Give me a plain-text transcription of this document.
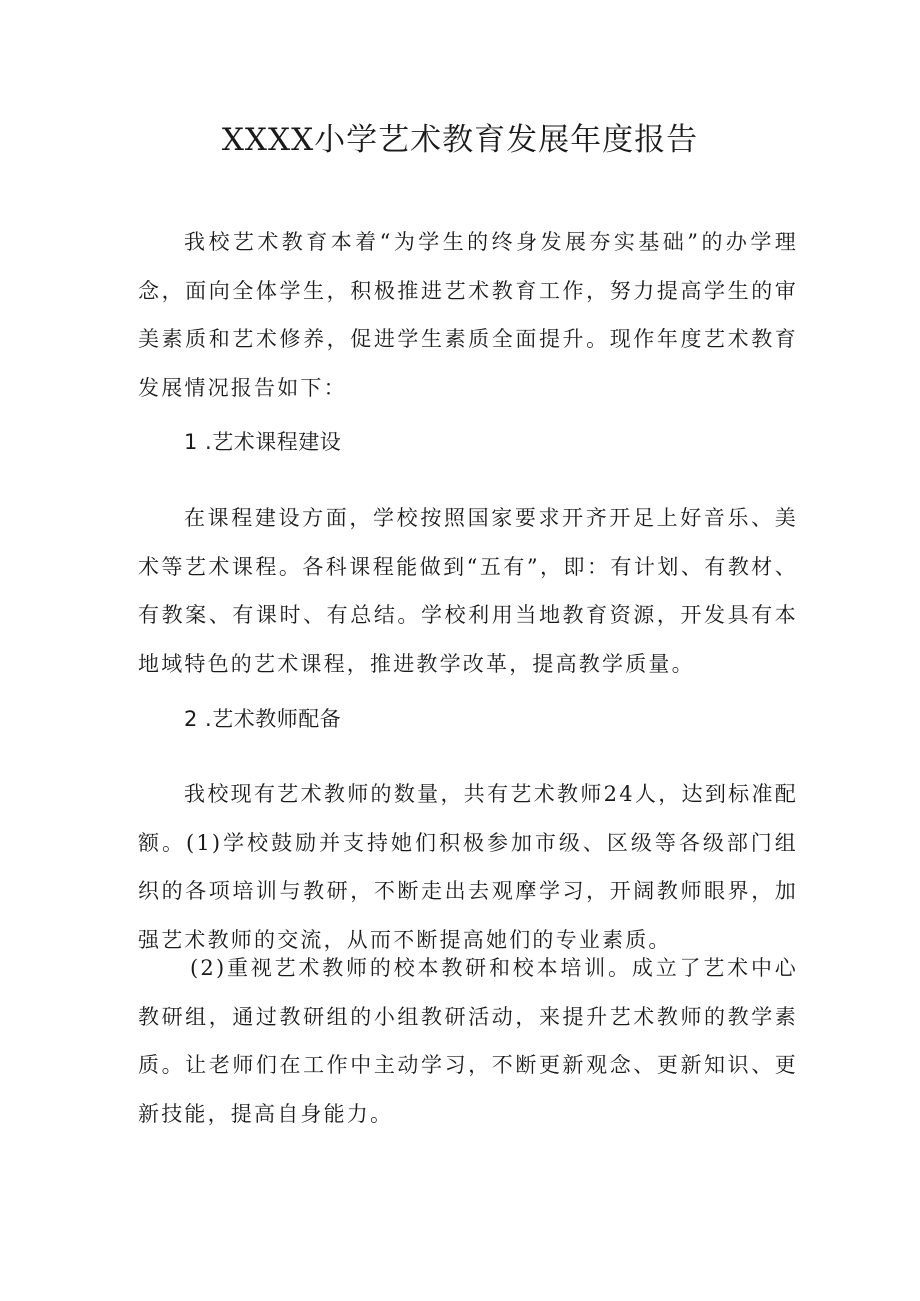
XXXX小学艺术教育发展年度报告

我校艺术教育本着“为学生的终身发展夯实基础”的办学理念，面向全体学生，积极推进艺术教育工作，努力提高学生的审美素质和艺术修养，促进学生素质全面提升。现作年度艺术教育发展情况报告如下：

1 .艺术课程建设

在课程建设方面，学校按照国家要求开齐开足上好音乐、美术等艺术课程。各科课程能做到“五有”，即：有计划、有教材、有教案、有课时、有总结。学校利用当地教育资源，开发具有本地域特色的艺术课程，推进教学改革，提高教学质量。

2 .艺术教师配备

我校现有艺术教师的数量，共有艺术教师24人，达到标准配额。(1)学校鼓励并支持她们积极参加市级、区级等各级部门组织的各项培训与教研，不断走出去观摩学习，开阔教师眼界，加强艺术教师的交流，从而不断提高她们的专业素质。

(2)重视艺术教师的校本教研和校本培训。成立了艺术中心教研组，通过教研组的小组教研活动，来提升艺术教师的教学素质。让老师们在工作中主动学习，不断更新观念、更新知识、更新技能，提高自身能力。
